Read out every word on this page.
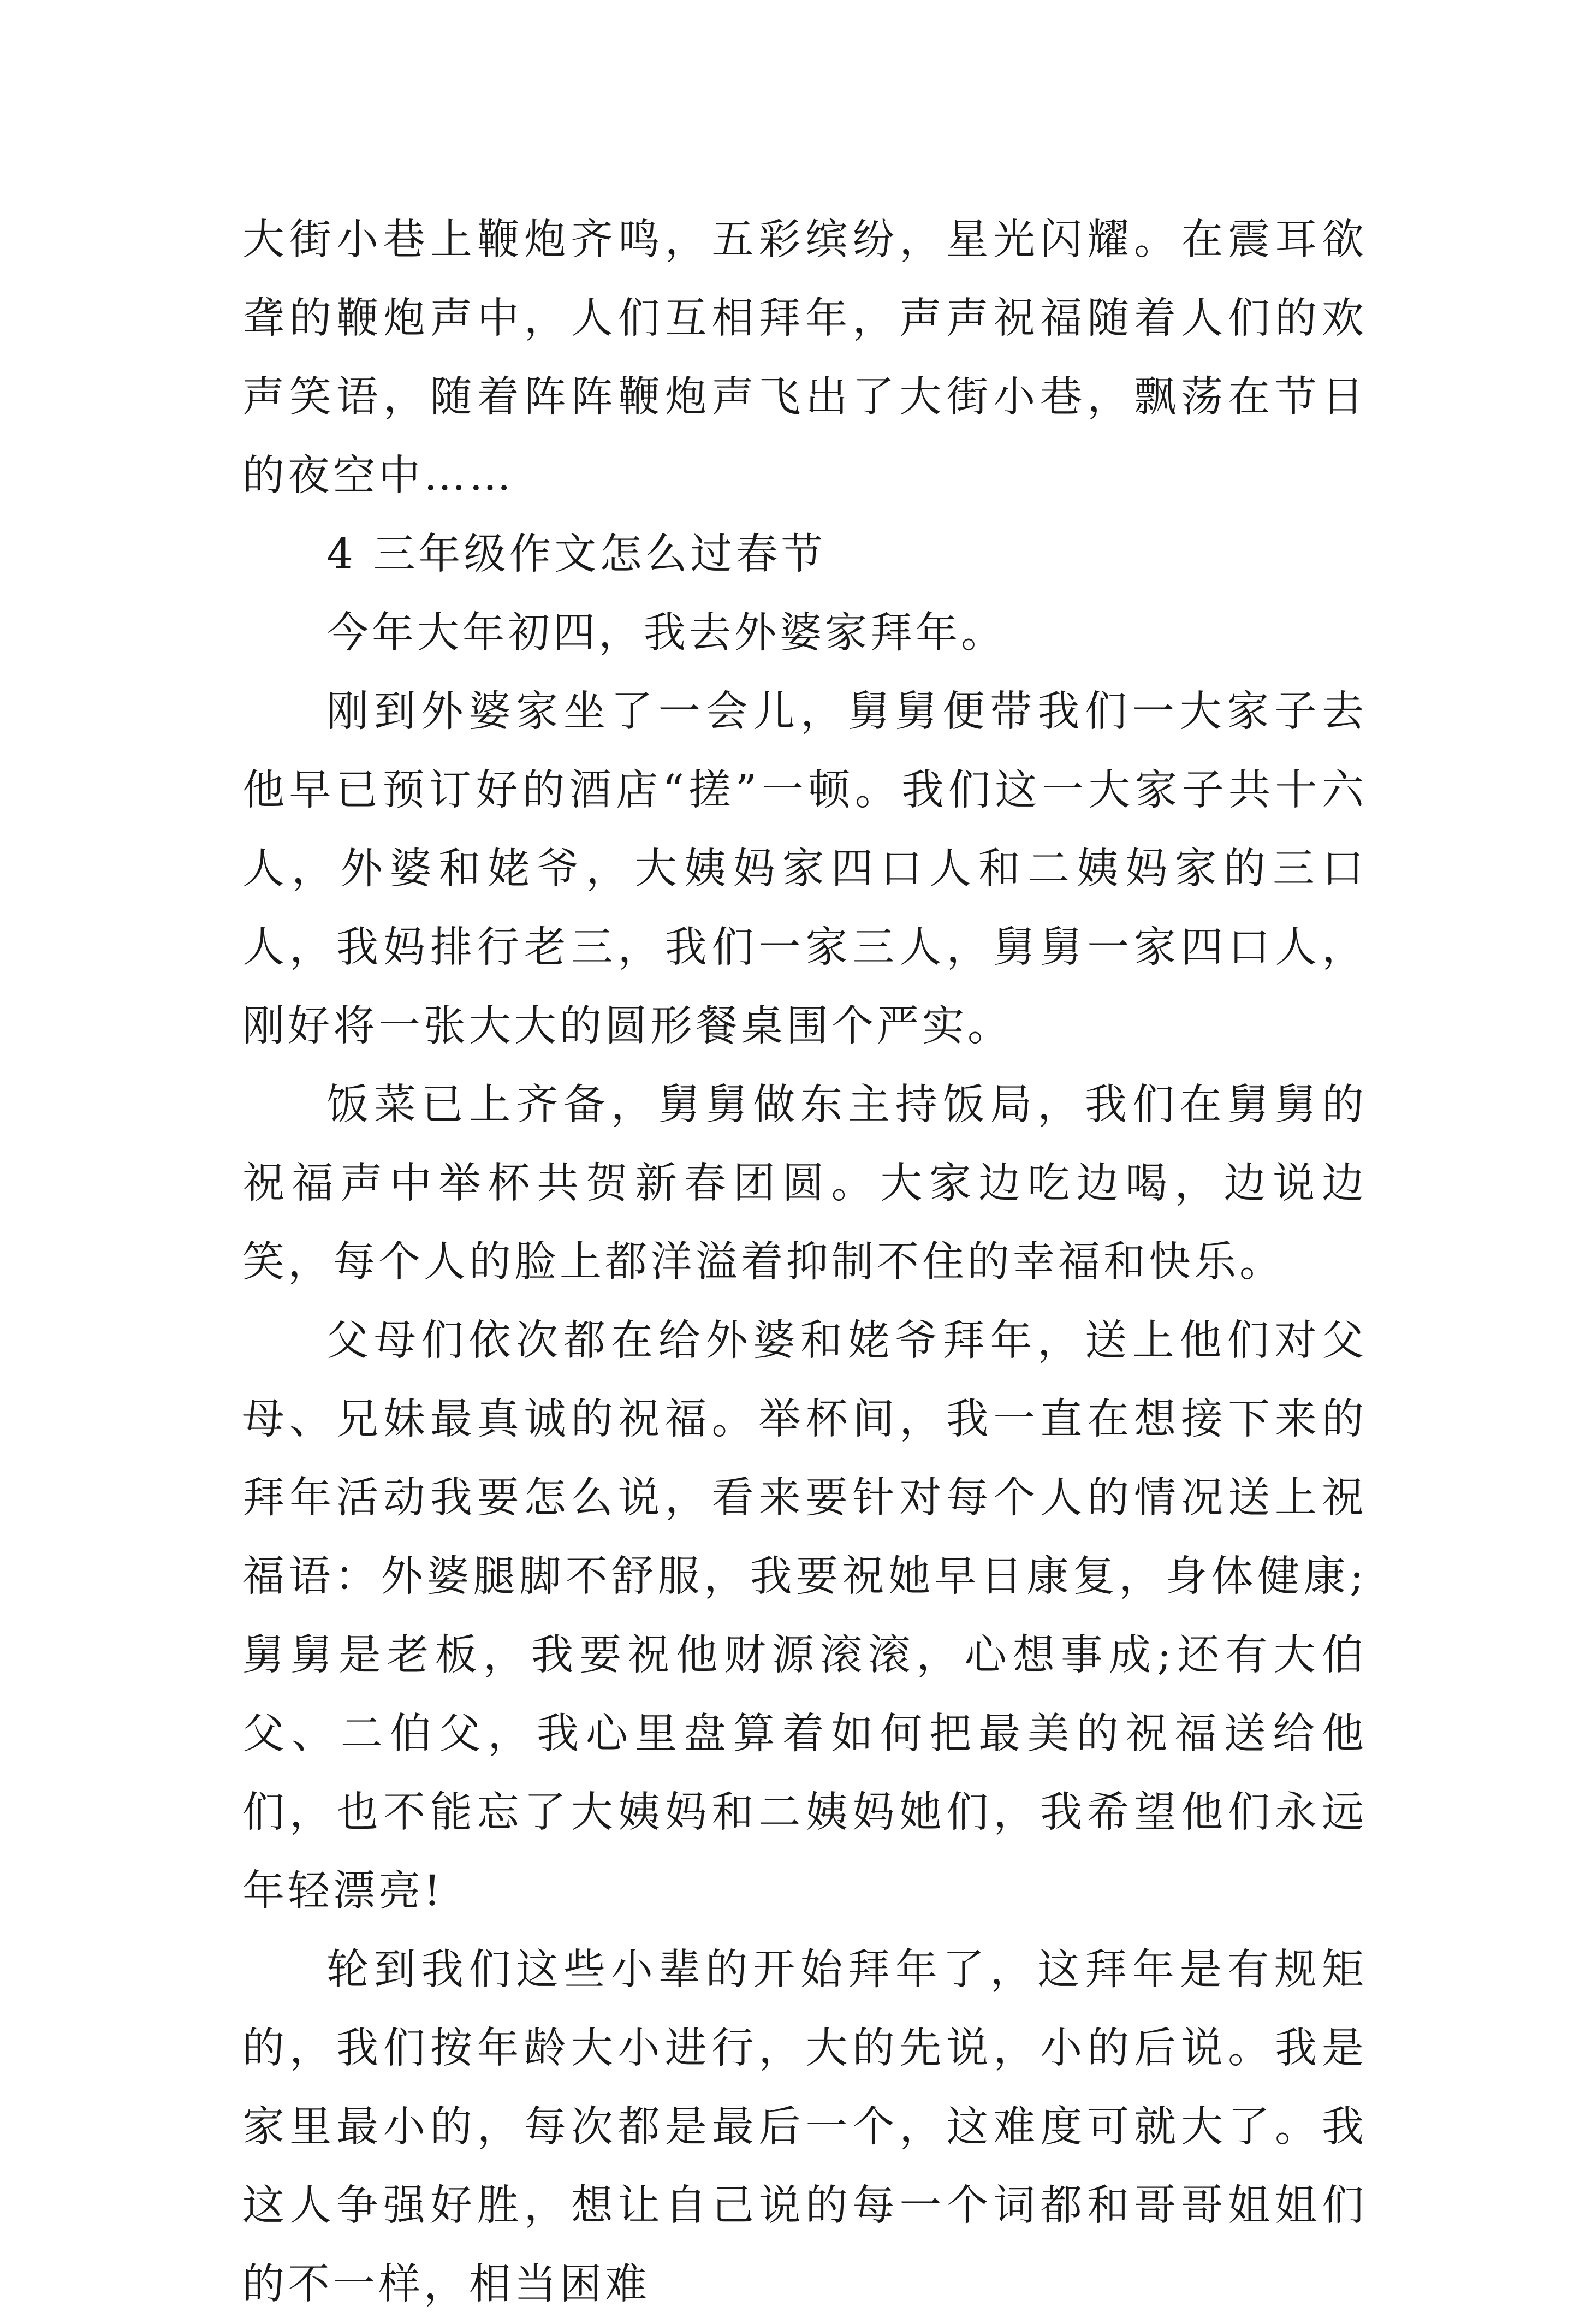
大街小巷上鞭炮齐鸣，五彩缤纷，星光闪耀。在震耳欲聋的鞭炮声中，人们互相拜年，声声祝福随着人们的欢声笑语，随着阵阵鞭炮声飞出了大街小巷，飘荡在节日的夜空中……

4 三年级作文怎么过春节

今年大年初四，我去外婆家拜年。

刚到外婆家坐了一会儿，舅舅便带我们一大家子去他早已预订好的酒店“搓”一顿。我们这一大家子共十六人，外婆和姥爷，大姨妈家四口人和二姨妈家的三口人，我妈排行老三，我们一家三人，舅舅一家四口人，刚好将一张大大的圆形餐桌围个严实。

饭菜已上齐备，舅舅做东主持饭局，我们在舅舅的祝福声中举杯共贺新春团圆。大家边吃边喝，边说边笑，每个人的脸上都洋溢着抑制不住的幸福和快乐。

父母们依次都在给外婆和姥爷拜年，送上他们对父母、兄妹最真诚的祝福。举杯间，我一直在想接下来的拜年活动我要怎么说，看来要针对每个人的情况送上祝福语：外婆腿脚不舒服，我要祝她早日康复，身体健康;舅舅是老板，我要祝他财源滚滚，心想事成;还有大伯父、二伯父，我心里盘算着如何把最美的祝福送给他们，也不能忘了大姨妈和二姨妈她们，我希望他们永远年轻漂亮!

轮到我们这些小辈的开始拜年了，这拜年是有规矩的，我们按年龄大小进行，大的先说，小的后说。我是家里最小的，每次都是最后一个，这难度可就大了。我这人争强好胜，想让自己说的每一个词都和哥哥姐姐们的不一样，相当困难
